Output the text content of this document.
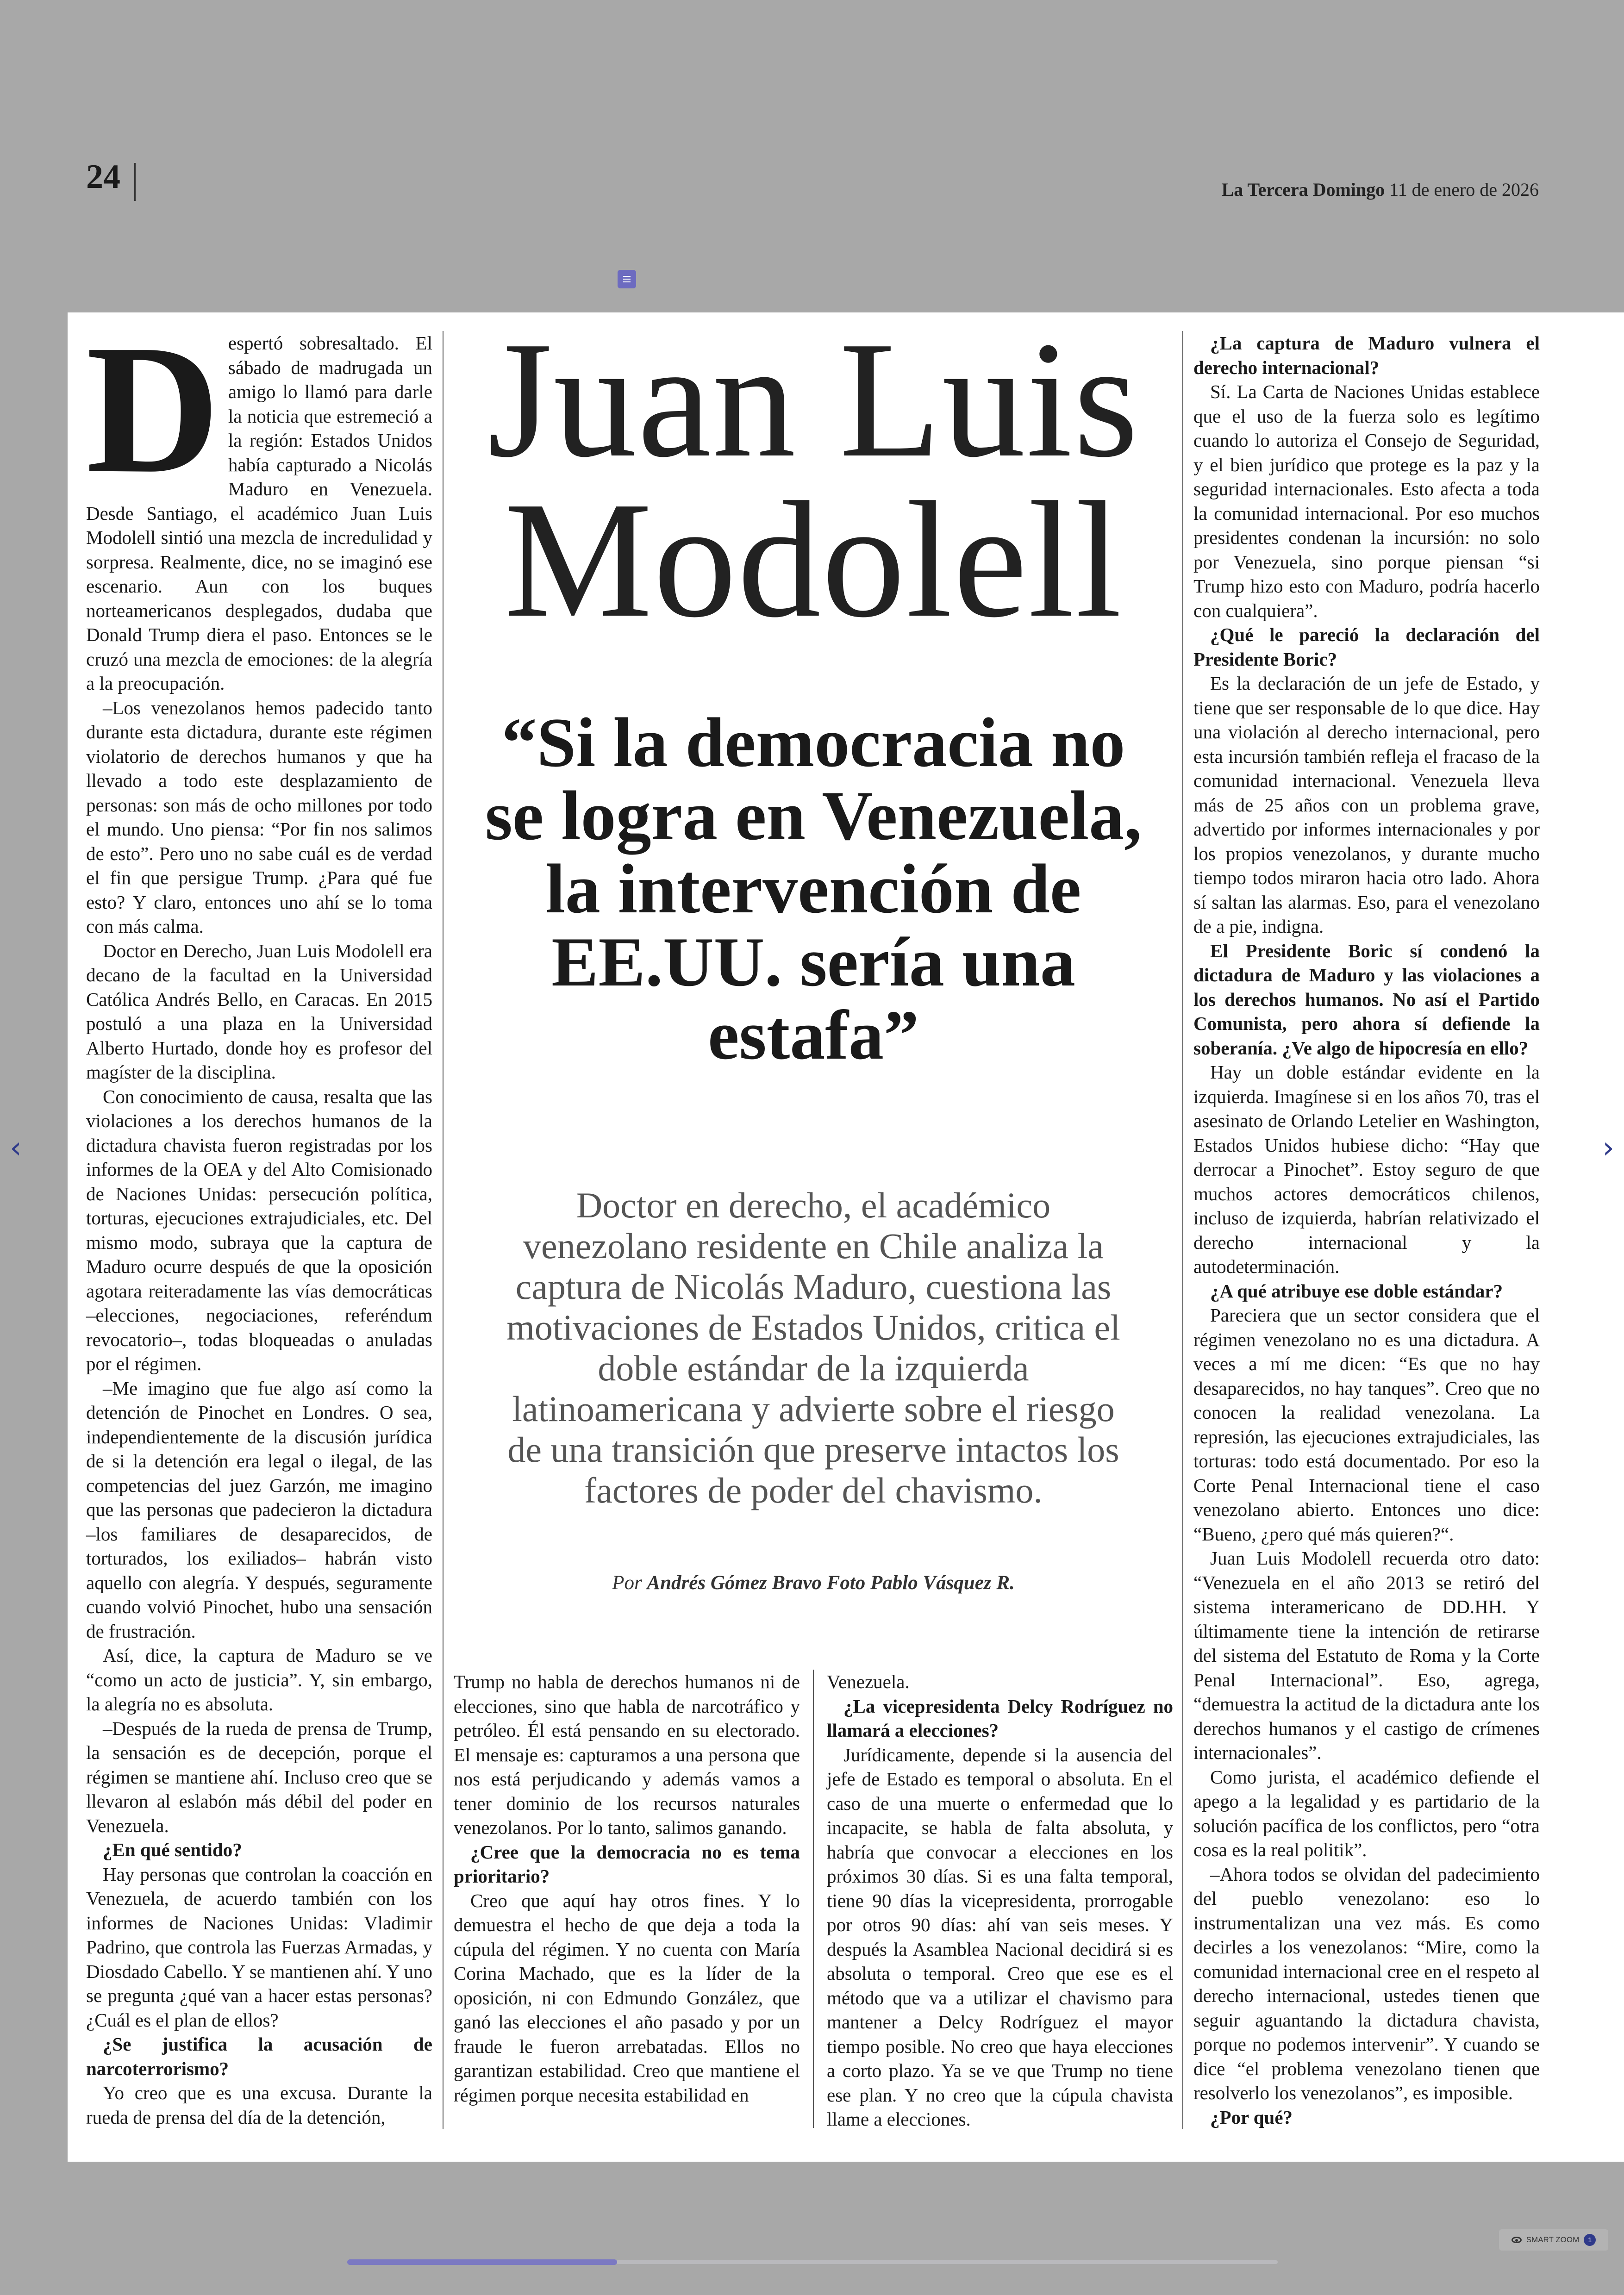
24	La Tercera Domingo 11 de enero de 2026
D espertó sobresaltado. El sábado de madrugada un amigo lo llamó para darle la noticia que estremeció a la región: Estados Unidos había capturado a Nicolás Maduro en Venezuela. Desde Santiago, el académico Juan Luis Modolell sintió una mezcla de incredulidad y sorpresa. Realmente, dice, no se imaginó ese escenario. Aun con los buques norteamericanos desplegados, dudaba que Donald Trump diera el paso. Entonces se le cruzó una mezcla de emociones: de la alegría a la preocupación.

–Los venezolanos hemos padecido tanto durante esta dictadura, durante este régimen violatorio de derechos humanos y que ha llevado a todo este desplazamiento de personas: son más de ocho millones por todo el mundo. Uno piensa: “Por fin nos salimos de esto”. Pero uno no sabe cuál es de verdad el fin que persigue Trump. ¿Para qué fue esto? Y claro, entonces uno ahí se lo toma con más calma.

Doctor en Derecho, Juan Luis Modolell era decano de la facultad en la Universidad Católica Andrés Bello, en Caracas. En 2015 postuló a una plaza en la Universidad Alberto Hurtado, donde hoy es profesor del magíster de la disciplina.

Con conocimiento de causa, resalta que las violaciones a los derechos humanos de la dictadura chavista fueron registradas por los informes de la OEA y del Alto Comisionado de Naciones Unidas: persecución política, torturas, ejecuciones extrajudiciales, etc. Del mismo modo, subraya que la captura de Maduro ocurre después de que la oposición agotara reiteradamente las vías democráticas –elecciones, negociaciones, referéndum revocatorio–, todas bloqueadas o anuladas por el régimen.

–Me imagino que fue algo así como la detención de Pinochet en Londres. O sea, independientemente de la discusión jurídica de si la detención era legal o ilegal, de las competencias del juez Garzón, me imagino que las personas que padecieron la dictadura –los familiares de desaparecidos, de torturados, los exiliados– habrán visto aquello con alegría. Y después, seguramente cuando volvió Pinochet, hubo una sensación de frustración.

Así, dice, la captura de Maduro se ve “como un acto de justicia”. Y, sin embargo, la alegría no es absoluta.

–Después de la rueda de prensa de Trump, la sensación es de decepción, porque el régimen se mantiene ahí. Incluso creo que se llevaron al eslabón más débil del poder en Venezuela.

¿En qué sentido?

Hay personas que controlan la coacción en Venezuela, de acuerdo también con los informes de Naciones Unidas: Vladimir Padrino, que controla las Fuerzas Armadas, y Diosdado Cabello. Y se mantienen ahí. Y uno se pregunta ¿qué van a hacer estas personas? ¿Cuál es el plan de ellos?

¿Se justifica la acusación de narcoterrorismo?

Yo creo que es una excusa. Durante la rueda de prensa del día de la detención,

Juan Luis
Modolell
“Si la democracia no se logra en Venezuela, la intervención de EE.UU. sería una estafa”

Doctor en derecho, el académico venezolano residente en Chile analiza la captura de Nicolás Maduro, cuestiona las motivaciones de Estados Unidos, critica el doble estándar de la izquierda latinoamericana y advierte sobre el riesgo de una transición que preserve intactos los factores de poder del chavismo.

Por Andrés Gómez Bravo Foto Pablo Vásquez R.

Trump no habla de derechos humanos ni de elecciones, sino que habla de narcotráfico y petróleo. Él está pensando en su electorado. El mensaje es: capturamos a una persona que nos está perjudicando y además vamos a tener dominio de los recursos naturales venezolanos. Por lo tanto, salimos ganando.

¿Cree que la democracia no es tema prioritario?

Creo que aquí hay otros fines. Y lo demuestra el hecho de que deja a toda la cúpula del régimen. Y no cuenta con María Corina Machado, que es la líder de la oposición, ni con Edmundo González, que ganó las elecciones el año pasado y por un fraude le fueron arrebatadas. Ellos no garantizan estabilidad. Creo que mantiene el régimen porque necesita estabilidad en

Venezuela.

¿La vicepresidenta Delcy Rodríguez no llamará a elecciones?

Jurídicamente, depende si la ausencia del jefe de Estado es temporal o absoluta. En el caso de una muerte o enfermedad que lo incapacite, se habla de falta absoluta, y habría que convocar a elecciones en los próximos 30 días. Si es una falta temporal, tiene 90 días la vicepresidenta, prorrogable por otros 90 días: ahí van seis meses. Y después la Asamblea Nacional decidirá si es absoluta o temporal. Creo que ese es el método que va a utilizar el chavismo para mantener a Delcy Rodríguez el mayor tiempo posible. No creo que haya elecciones a corto plazo. Ya se ve que Trump no tiene ese plan. Y no creo que la cúpula chavista llame a elecciones.

¿La captura de Maduro vulnera el derecho internacional?

Sí. La Carta de Naciones Unidas establece que el uso de la fuerza solo es legítimo cuando lo autoriza el Consejo de Seguridad, y el bien jurídico que protege es la paz y la seguridad internacionales. Esto afecta a toda la comunidad internacional. Por eso muchos presidentes condenan la incursión: no solo por Venezuela, sino porque piensan “si Trump hizo esto con Maduro, podría hacerlo con cualquiera”.

¿Qué le pareció la declaración del Presidente Boric?

Es la declaración de un jefe de Estado, y tiene que ser responsable de lo que dice. Hay una violación al derecho internacional, pero esta incursión también refleja el fracaso de la comunidad internacional. Venezuela lleva más de 25 años con un problema grave, advertido por informes internacionales y por los propios venezolanos, y durante mucho tiempo todos miraron hacia otro lado. Ahora sí saltan las alarmas. Eso, para el venezolano de a pie, indigna.

El Presidente Boric sí condenó la dictadura de Maduro y las violaciones a los derechos humanos. No así el Partido Comunista, pero ahora sí defiende la soberanía. ¿Ve algo de hipocresía en ello?

Hay un doble estándar evidente en la izquierda. Imagínese si en los años 70, tras el asesinato de Orlando Letelier en Washington, Estados Unidos hubiese dicho: “Hay que derrocar a Pinochet”. Estoy seguro de que muchos actores democráticos chilenos, incluso de izquierda, habrían relativizado el derecho internacional y la autodeterminación.

¿A qué atribuye ese doble estándar?

Pareciera que un sector considera que el régimen venezolano no es una dictadura. A veces a mí me dicen: “Es que no hay desaparecidos, no hay tanques”. Creo que no conocen la realidad venezolana. La represión, las ejecuciones extrajudiciales, las torturas: todo está documentado. Por eso la Corte Penal Internacional tiene el caso venezolano abierto. Entonces uno dice: “Bueno, ¿pero qué más quieren?“.

Juan Luis Modolell recuerda otro dato: “Venezuela en el año 2013 se retiró del sistema interamericano de DD.HH. Y últimamente tiene la intención de retirarse del sistema del Estatuto de Roma y la Corte Penal Internacional”. Eso, agrega, “demuestra la actitud de la dictadura ante los derechos humanos y el castigo de crímenes internacionales”.

Como jurista, el académico defiende el apego a la legalidad y es partidario de la solución pacífica de los conflictos, pero “otra cosa es la real politik”.

–Ahora todos se olvidan del padecimiento del pueblo venezolano: eso lo instrumentalizan una vez más. Es como decirles a los venezolanos: “Mire, como la comunidad internacional cree en el respeto al derecho internacional, ustedes tienen que seguir aguantando la dictadura chavista, porque no podemos intervenir”. Y cuando se dice “el problema venezolano tienen que resolverlo los venezolanos”, es imposible.

¿Por qué?

‹	›
SMART ZOOM	1
